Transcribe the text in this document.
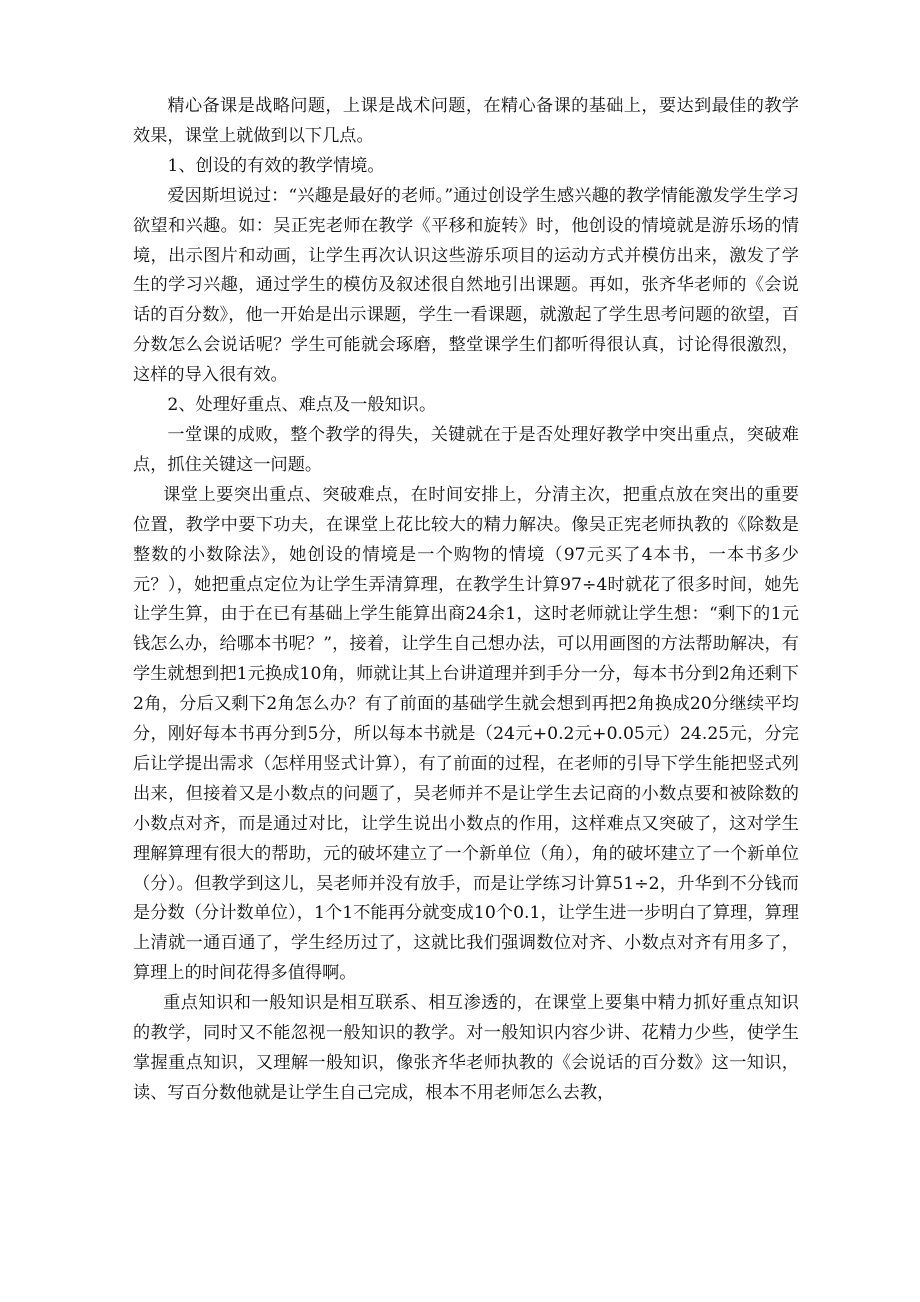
精心备课是战略问题，上课是战术问题，在精心备课的基础上，要达到最佳的教学效果，课堂上就做到以下几点。

1、创设的有效的教学情境。

爱因斯坦说过：“兴趣是最好的老师。”通过创设学生感兴趣的教学情能激发学生学习欲望和兴趣。如：吴正宪老师在教学《平移和旋转》时，他创设的情境就是游乐场的情境，出示图片和动画，让学生再次认识这些游乐项目的运动方式并模仿出来，激发了学生的学习兴趣，通过学生的模仿及叙述很自然地引出课题。再如，张齐华老师的《会说话的百分数》，他一开始是出示课题，学生一看课题，就激起了学生思考问题的欲望，百分数怎么会说话呢？学生可能就会琢磨，整堂课学生们都听得很认真，讨论得很激烈，这样的导入很有效。

2、处理好重点、难点及一般知识。

一堂课的成败，整个教学的得失，关键就在于是否处理好教学中突出重点，突破难点，抓住关键这一问题。

课堂上要突出重点、突破难点，在时间安排上，分清主次，把重点放在突出的重要位置，教学中要下功夫，在课堂上花比较大的精力解决。像吴正宪老师执教的《除数是整数的小数除法》，她创设的情境是一个购物的情境（97元买了4本书，一本书多少元？），她把重点定位为让学生弄清算理，在教学生计算97÷4时就花了很多时间，她先让学生算，由于在已有基础上学生能算出商24余1，这时老师就让学生想：“剩下的1元钱怎么办，给哪本书呢？”，接着，让学生自己想办法，可以用画图的方法帮助解决，有学生就想到把1元换成10角，师就让其上台讲道理并到手分一分，每本书分到2角还剩下2角，分后又剩下2角怎么办？有了前面的基础学生就会想到再把2角换成20分继续平均分，刚好每本书再分到5分，所以每本书就是（24元+0.2元+0.05元）24.25元，分完后让学提出需求（怎样用竖式计算），有了前面的过程，在老师的引导下学生能把竖式列出来，但接着又是小数点的问题了，吴老师并不是让学生去记商的小数点要和被除数的小数点对齐，而是通过对比，让学生说出小数点的作用，这样难点又突破了，这对学生理解算理有很大的帮助，元的破坏建立了一个新单位（角），角的破坏建立了一个新单位（分）。但教学到这儿，吴老师并没有放手，而是让学练习计算51÷2，升华到不分钱而是分数（分计数单位），1个1不能再分就变成10个0.1，让学生进一步明白了算理，算理上清就一通百通了，学生经历过了，这就比我们强调数位对齐、小数点对齐有用多了，算理上的时间花得多值得啊。

重点知识和一般知识是相互联系、相互渗透的，在课堂上要集中精力抓好重点知识的教学，同时又不能忽视一般知识的教学。对一般知识内容少讲、花精力少些，使学生掌握重点知识，又理解一般知识，像张齐华老师执教的《会说话的百分数》这一知识，读、写百分数他就是让学生自己完成，根本不用老师怎么去教，
